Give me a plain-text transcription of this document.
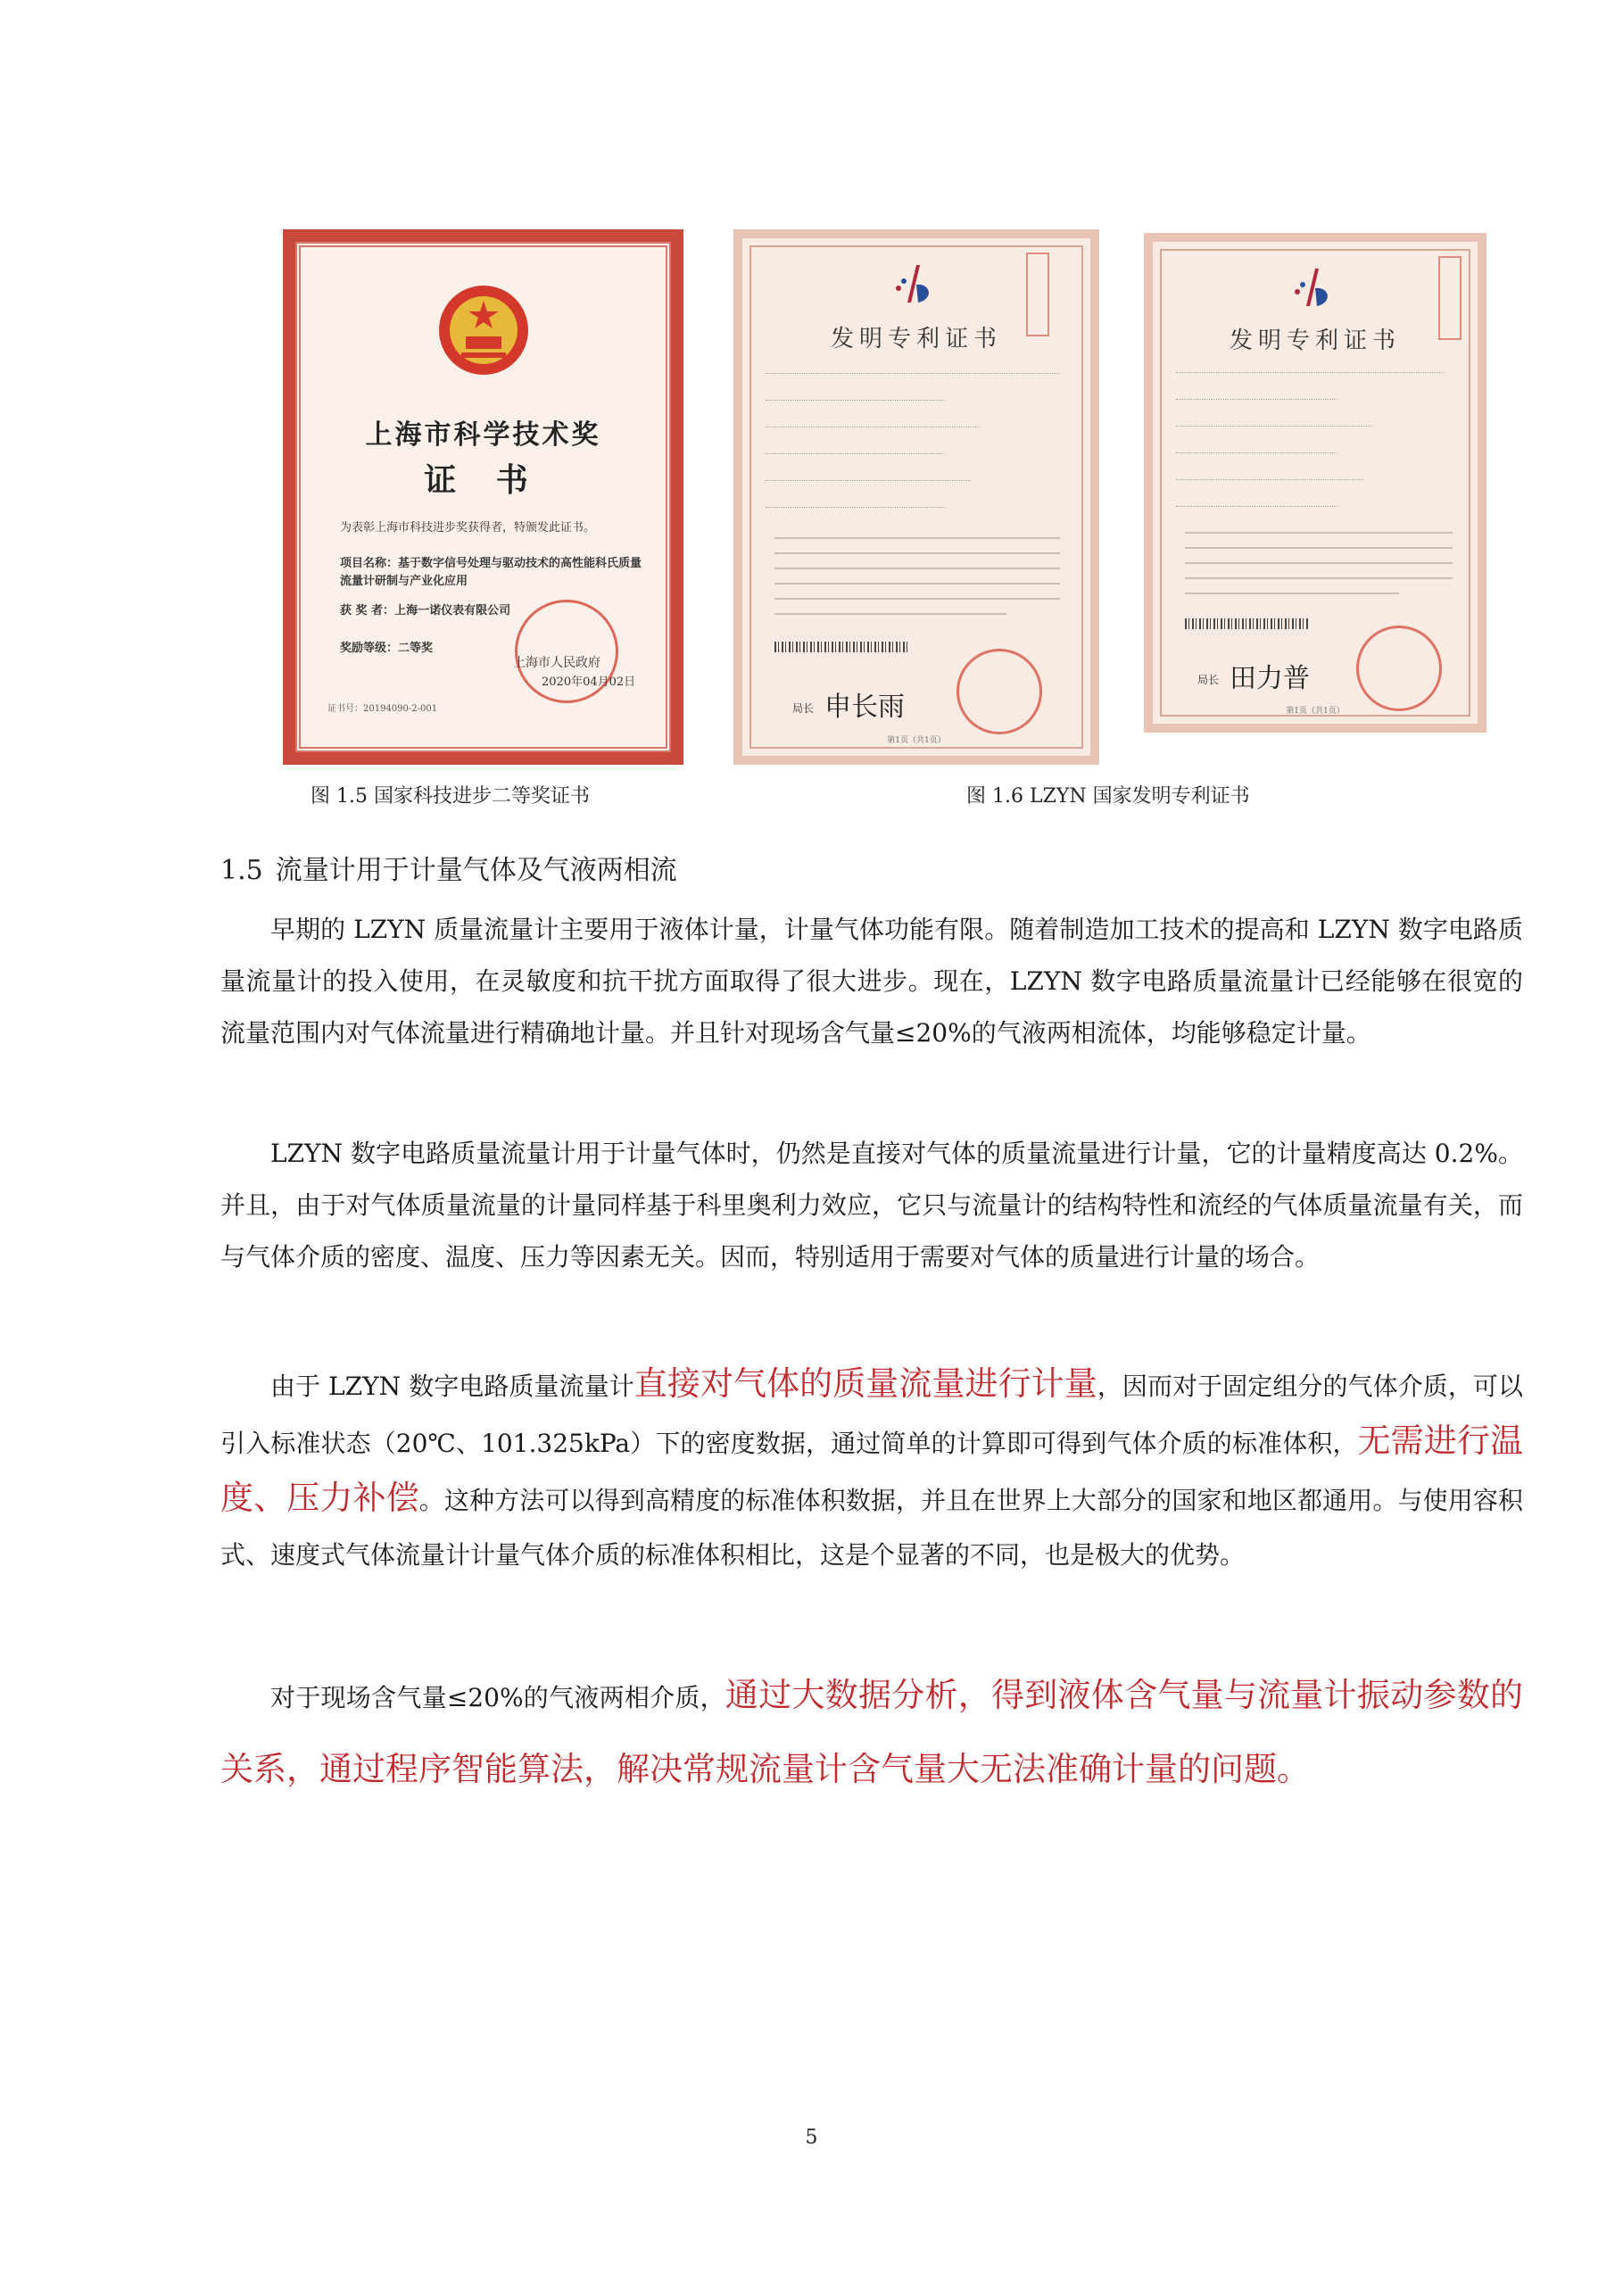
上海市科学技术奖
证 书
为表彰上海市科技进步奖获得者，特颁发此证书。
项目名称：基于数字信号处理与驱动技术的高性能科氏质量流量计研制与产业化应用
获 奖 者：上海一诺仪表有限公司
奖励等级：二等奖
上海市人民政府
2020年04月02日
证书号：20194090-2-001
发明专利证书
局长 申长雨
第1页（共1页）
发明专利证书
局长 田力普
第1页（共1页）
图 1.5 国家科技进步二等奖证书	图 1.6 LZYN 国家发明专利证书
1.5 流量计用于计量气体及气液两相流
早期的 LZYN 质量流量计主要用于液体计量，计量气体功能有限。随着制造加工技术的提高和 LZYN 数字电路质量流量计的投入使用，在灵敏度和抗干扰方面取得了很大进步。现在，LZYN 数字电路质量流量计已经能够在很宽的流量范围内对气体流量进行精确地计量。并且针对现场含气量≤20%的气液两相流体，均能够稳定计量。
LZYN 数字电路质量流量计用于计量气体时，仍然是直接对气体的质量流量进行计量，它的计量精度高达 0.2%。并且，由于对气体质量流量的计量同样基于科里奥利力效应，它只与流量计的结构特性和流经的气体质量流量有关，而与气体介质的密度、温度、压力等因素无关。因而，特别适用于需要对气体的质量进行计量的场合。
由于 LZYN 数字电路质量流量计直接对气体的质量流量进行计量，因而对于固定组分的气体介质，可以引入标准状态（20℃、101.325kPa）下的密度数据，通过简单的计算即可得到气体介质的标准体积，无需进行温度、压力补偿。这种方法可以得到高精度的标准体积数据，并且在世界上大部分的国家和地区都通用。与使用容积式、速度式气体流量计计量气体介质的标准体积相比，这是个显著的不同，也是极大的优势。
对于现场含气量≤20%的气液两相介质，通过大数据分析，得到液体含气量与流量计振动参数的关系，通过程序智能算法，解决常规流量计含气量大无法准确计量的问题。
5
